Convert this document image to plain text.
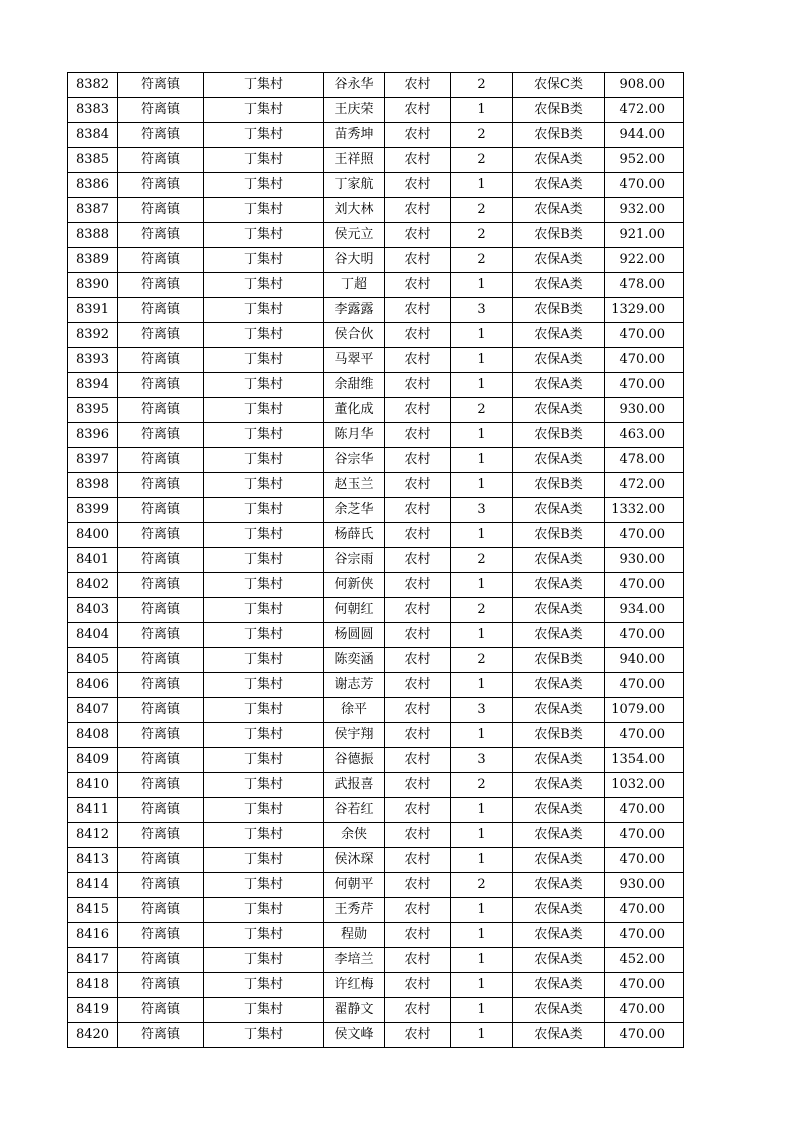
8382	符离镇	丁集村	谷永华	农村	2	农保C类	908.00
8383	符离镇	丁集村	王庆荣	农村	1	农保B类	472.00
8384	符离镇	丁集村	苗秀坤	农村	2	农保B类	944.00
8385	符离镇	丁集村	王祥照	农村	2	农保A类	952.00
8386	符离镇	丁集村	丁家航	农村	1	农保A类	470.00
8387	符离镇	丁集村	刘大林	农村	2	农保A类	932.00
8388	符离镇	丁集村	侯元立	农村	2	农保B类	921.00
8389	符离镇	丁集村	谷大明	农村	2	农保A类	922.00
8390	符离镇	丁集村	丁超	农村	1	农保A类	478.00
8391	符离镇	丁集村	李露露	农村	3	农保B类	1329.00
8392	符离镇	丁集村	侯合伙	农村	1	农保A类	470.00
8393	符离镇	丁集村	马翠平	农村	1	农保A类	470.00
8394	符离镇	丁集村	余甜维	农村	1	农保A类	470.00
8395	符离镇	丁集村	董化成	农村	2	农保A类	930.00
8396	符离镇	丁集村	陈月华	农村	1	农保B类	463.00
8397	符离镇	丁集村	谷宗华	农村	1	农保A类	478.00
8398	符离镇	丁集村	赵玉兰	农村	1	农保B类	472.00
8399	符离镇	丁集村	余芝华	农村	3	农保A类	1332.00
8400	符离镇	丁集村	杨薛氏	农村	1	农保B类	470.00
8401	符离镇	丁集村	谷宗雨	农村	2	农保A类	930.00
8402	符离镇	丁集村	何新侠	农村	1	农保A类	470.00
8403	符离镇	丁集村	何朝红	农村	2	农保A类	934.00
8404	符离镇	丁集村	杨圆圆	农村	1	农保A类	470.00
8405	符离镇	丁集村	陈奕涵	农村	2	农保B类	940.00
8406	符离镇	丁集村	谢志芳	农村	1	农保A类	470.00
8407	符离镇	丁集村	徐平	农村	3	农保A类	1079.00
8408	符离镇	丁集村	侯宇翔	农村	1	农保B类	470.00
8409	符离镇	丁集村	谷德振	农村	3	农保A类	1354.00
8410	符离镇	丁集村	武报喜	农村	2	农保A类	1032.00
8411	符离镇	丁集村	谷若红	农村	1	农保A类	470.00
8412	符离镇	丁集村	余侠	农村	1	农保A类	470.00
8413	符离镇	丁集村	侯沐琛	农村	1	农保A类	470.00
8414	符离镇	丁集村	何朝平	农村	2	农保A类	930.00
8415	符离镇	丁集村	王秀芹	农村	1	农保A类	470.00
8416	符离镇	丁集村	程勋	农村	1	农保A类	470.00
8417	符离镇	丁集村	李培兰	农村	1	农保A类	452.00
8418	符离镇	丁集村	许红梅	农村	1	农保A类	470.00
8419	符离镇	丁集村	翟静文	农村	1	农保A类	470.00
8420	符离镇	丁集村	侯文峰	农村	1	农保A类	470.00
